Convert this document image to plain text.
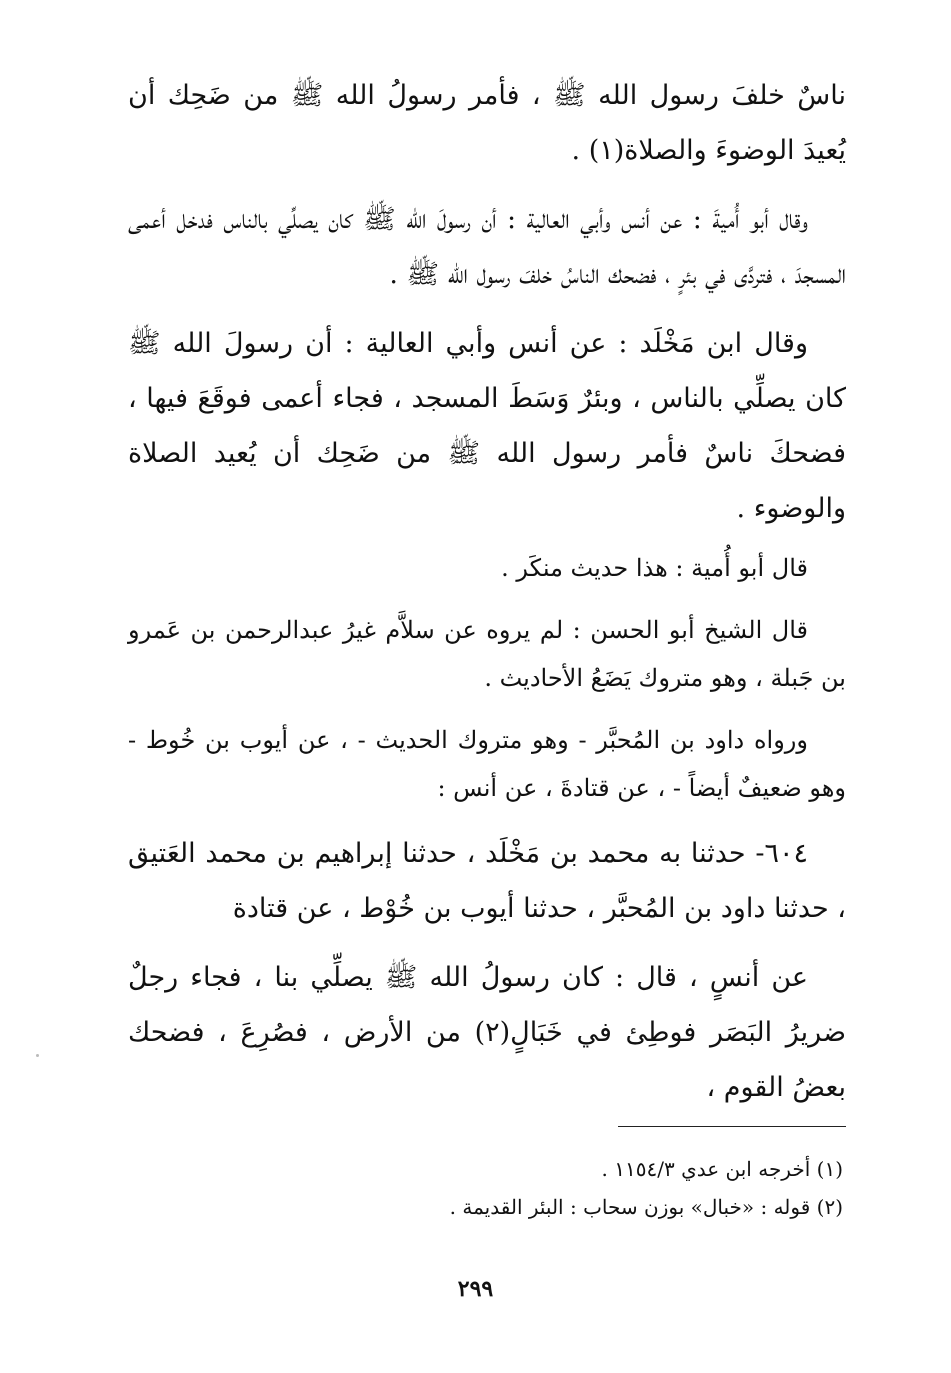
ناسٌ خلفَ رسول الله ﷺ ، فأمر رسولُ الله ﷺ من ضَحِك أن يُعيدَ الوضوءَ والصلاة(١) .

وقال أبو أُميةَ : عن أنس وأبي العالية : أن رسولَ الله ﷺ كان يصلِّي بالناس فدخل أعمى المسجدَ ، فتردَّى في بئرٍ ، فضحك الناسُ خلفَ رسول الله ﷺ .

وقال ابن مَخْلَد : عن أنس وأبي العالية : أن رسولَ الله ﷺ كان يصلِّي بالناس ، وبئرٌ وَسَطَ المسجد ، فجاء أعمى فوقَعَ فيها ، فضحكَ ناسٌ فأمر رسول الله ﷺ من ضَحِك أن يُعيد الصلاة والوضوء .

قال أبو أُمية : هذا حديث منكَر .

قال الشيخ أبو الحسن : لم يروه عن سلاَّم غيرُ عبدالرحمن بن عَمرو بن جَبلة ، وهو متروك يَضَعُ الأحاديث .

ورواه داود بن المُحبَّر - وهو متروك الحديث - ، عن أيوب بن خُوط - وهو ضعيفٌ أيضاً - ، عن قتادةَ ، عن أنس :

٦٠٤- حدثنا به محمد بن مَخْلَد ، حدثنا إبراهيم بن محمد العَتيق ، حدثنا داود بن المُحبَّر ، حدثنا أيوب بن خُوْط ، عن قتادة

عن أنسٍ ، قال : كان رسولُ الله ﷺ يصلِّي بنا ، فجاء رجلٌ ضريرُ البَصَر فوطِئ في خَبَالٍ(٢) من الأرض ، فصُرِعَ ، فضحك بعضُ القوم ،

(١) أخرجه ابن عدي ١١٥٤/٣ .

(٢) قوله : «خبال» بوزن سحاب : البئر القديمة .

٢٩٩
